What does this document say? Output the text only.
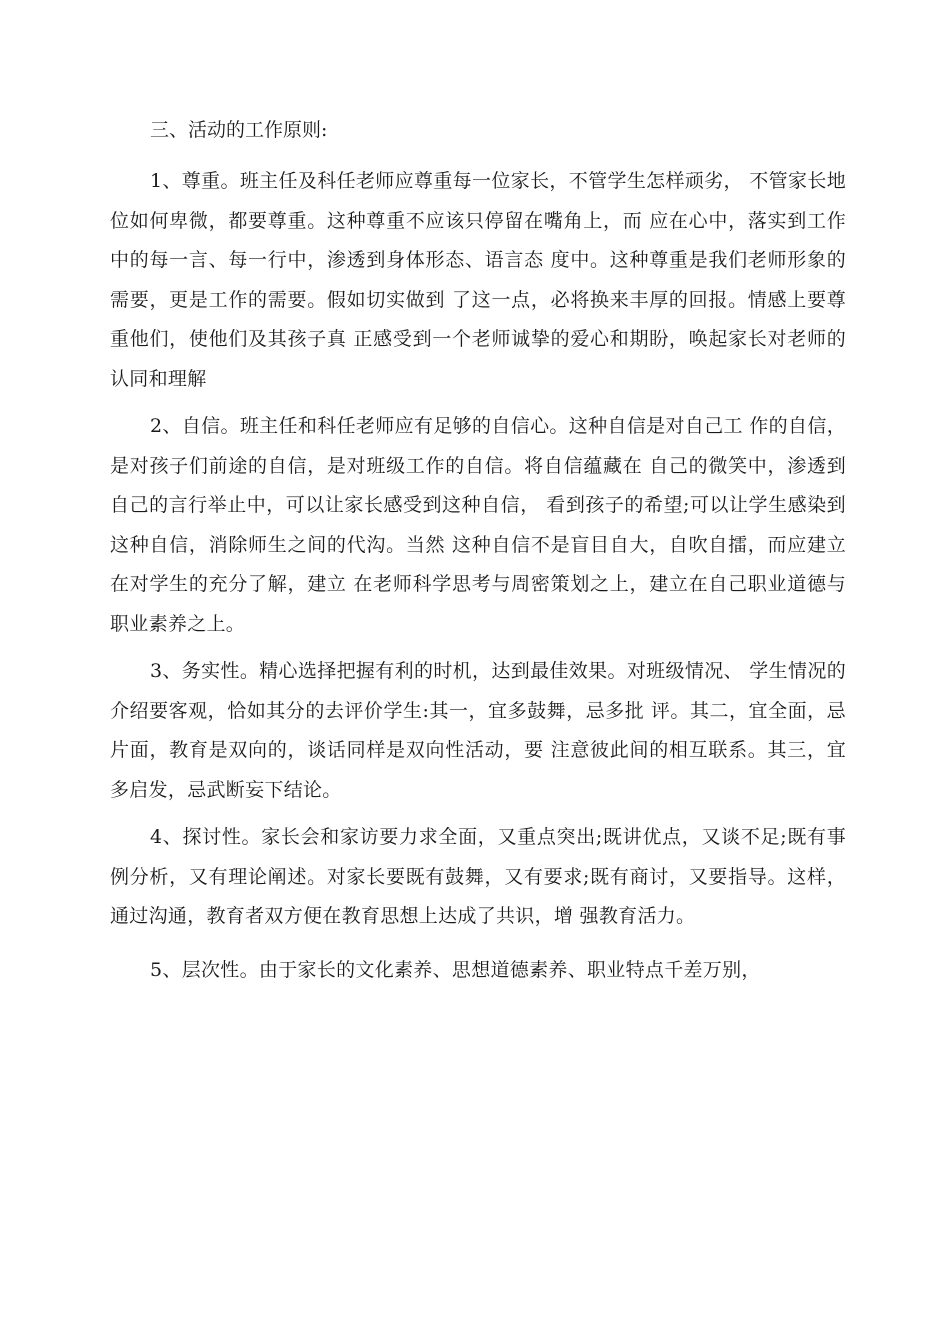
三、活动的工作原则:

1、尊重。班主任及科任老师应尊重每一位家长，不管学生怎样顽劣， 不管家长地位如何卑微，都要尊重。这种尊重不应该只停留在嘴角上，而 应在心中，落实到工作中的每一言、每一行中，渗透到身体形态、语言态 度中。这种尊重是我们老师形象的需要，更是工作的需要。假如切实做到 了这一点，必将换来丰厚的回报。情感上要尊重他们，使他们及其孩子真 正感受到一个老师诚挚的爱心和期盼，唤起家长对老师的认同和理解

2、自信。班主任和科任老师应有足够的自信心。这种自信是对自己工 作的自信，是对孩子们前途的自信，是对班级工作的自信。将自信蕴藏在 自己的微笑中，渗透到自己的言行举止中，可以让家长感受到这种自信， 看到孩子的希望;可以让学生感染到这种自信，消除师生之间的代沟。当然 这种自信不是盲目自大，自吹自擂，而应建立在对学生的充分了解，建立 在老师科学思考与周密策划之上，建立在自己职业道德与职业素养之上。

3、务实性。精心选择把握有利的时机，达到最佳效果。对班级情况、 学生情况的介绍要客观，恰如其分的去评价学生:其一，宜多鼓舞，忌多批 评。其二，宜全面，忌片面，教育是双向的，谈话同样是双向性活动，要 注意彼此间的相互联系。其三，宜多启发，忌武断妄下结论。

4、探讨性。家长会和家访要力求全面，又重点突出;既讲优点，又谈不足;既有事例分析，又有理论阐述。对家长要既有鼓舞，又有要求;既有商讨，又要指导。这样，通过沟通，教育者双方便在教育思想上达成了共识，增 强教育活力。

5、层次性。由于家长的文化素养、思想道德素养、职业特点千差万别，
